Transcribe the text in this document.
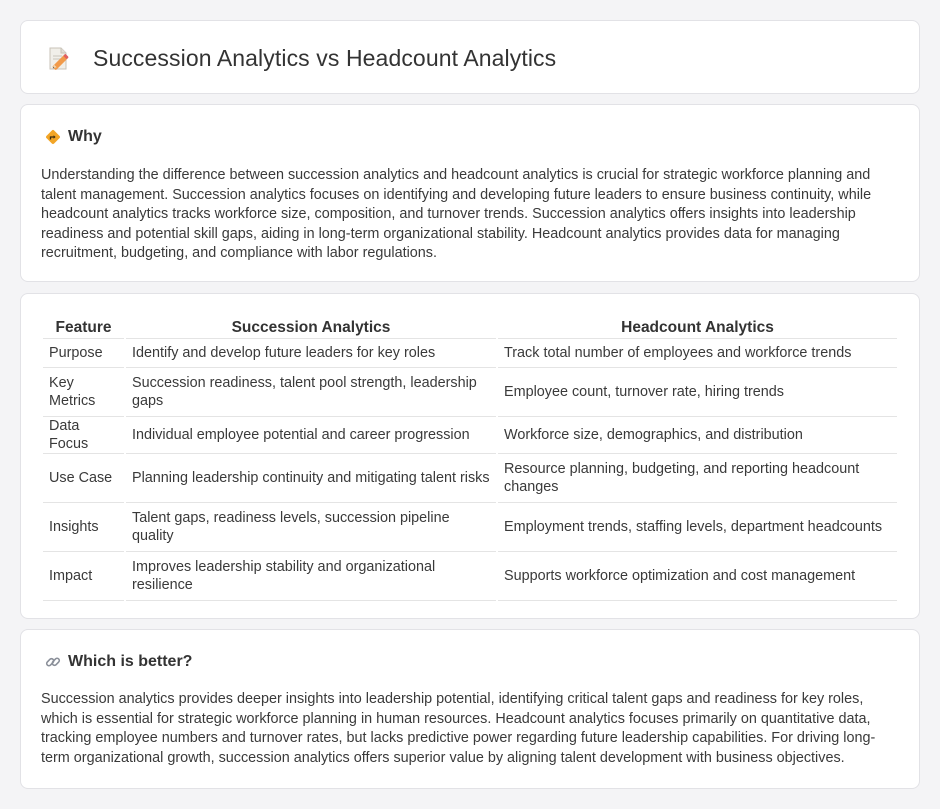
Succession Analytics vs Headcount Analytics
Why

Understanding the difference between succession analytics and headcount analytics is crucial for strategic workforce planning and talent management. Succession analytics focuses on identifying and developing future leaders to ensure business continuity, while headcount analytics tracks workforce size, composition, and turnover trends. Succession analytics offers insights into leadership readiness and potential skill gaps, aiding in long-term organizational stability. Headcount analytics provides data for managing recruitment, budgeting, and compliance with labor regulations.

Feature	Succession Analytics	Headcount Analytics
Purpose	Identify and develop future leaders for key roles	Track total number of employees and workforce trends
Key Metrics	Succession readiness, talent pool strength, leadership gaps	Employee count, turnover rate, hiring trends
Data Focus	Individual employee potential and career progression	Workforce size, demographics, and distribution
Use Case	Planning leadership continuity and mitigating talent risks	Resource planning, budgeting, and reporting headcount changes
Insights	Talent gaps, readiness levels, succession pipeline quality	Employment trends, staffing levels, department headcounts
Impact	Improves leadership stability and organizational resilience	Supports workforce optimization and cost management
Which is better?

Succession analytics provides deeper insights into leadership potential, identifying critical talent gaps and readiness for key roles, which is essential for strategic workforce planning in human resources. Headcount analytics focuses primarily on quantitative data, tracking employee numbers and turnover rates, but lacks predictive power regarding future leadership capabilities. For driving long-term organizational growth, succession analytics offers superior value by aligning talent development with business objectives.
